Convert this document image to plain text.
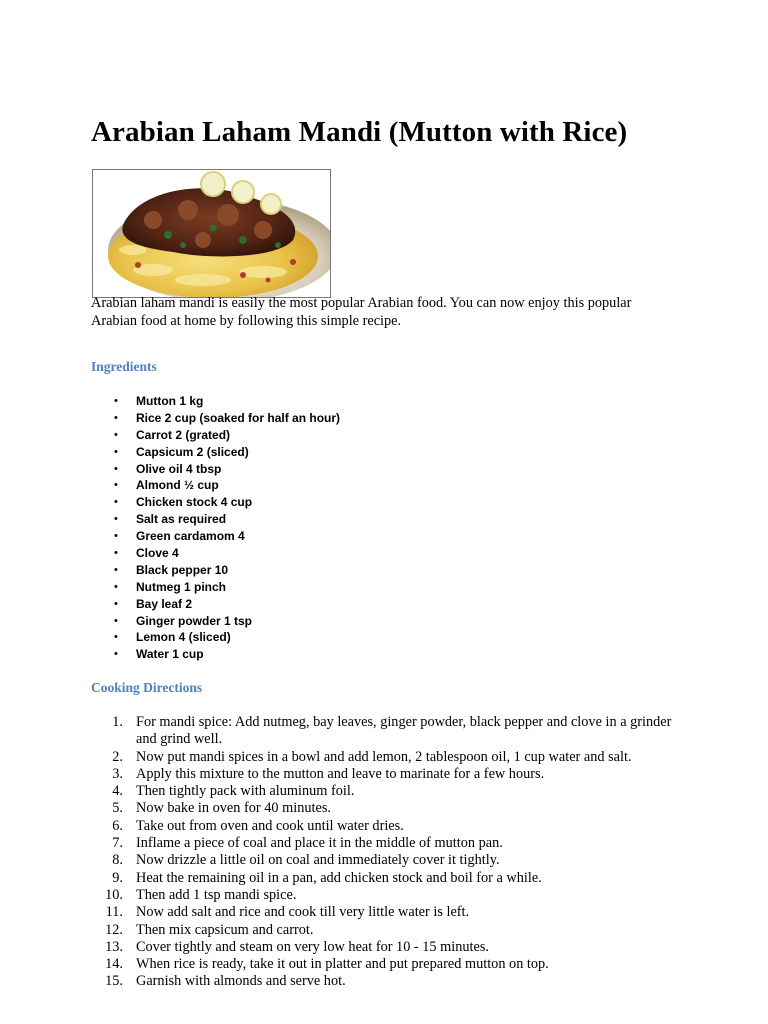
Arabian Laham Mandi (Mutton with Rice)

Arabian laham mandi is easily the most popular Arabian food. You can now enjoy this popular Arabian food at home by following this simple recipe.

Ingredients
• Mutton 1 kg
• Rice 2 cup (soaked for half an hour)
• Carrot 2 (grated)
• Capsicum 2 (sliced)
• Olive oil 4 tbsp
• Almond ½ cup
• Chicken stock 4 cup
• Salt as required
• Green cardamom 4
• Clove 4
• Black pepper 10
• Nutmeg 1 pinch
• Bay leaf 2
• Ginger powder 1 tsp
• Lemon 4 (sliced)
• Water 1 cup
Cooking Directions
1. For mandi spice: Add nutmeg, bay leaves, ginger powder, black pepper and clove in a grinder and grind well.
2. Now put mandi spices in a bowl and add lemon, 2 tablespoon oil, 1 cup water and salt.
3. Apply this mixture to the mutton and leave to marinate for a few hours.
4. Then tightly pack with aluminum foil.
5. Now bake in oven for 40 minutes.
6. Take out from oven and cook until water dries.
7. Inflame a piece of coal and place it in the middle of mutton pan.
8. Now drizzle a little oil on coal and immediately cover it tightly.
9. Heat the remaining oil in a pan, add chicken stock and boil for a while.
10. Then add 1 tsp mandi spice.
11. Now add salt and rice and cook till very little water is left.
12. Then mix capsicum and carrot.
13. Cover tightly and steam on very low heat for 10 - 15 minutes.
14. When rice is ready, take it out in platter and put prepared mutton on top.
15. Garnish with almonds and serve hot.
